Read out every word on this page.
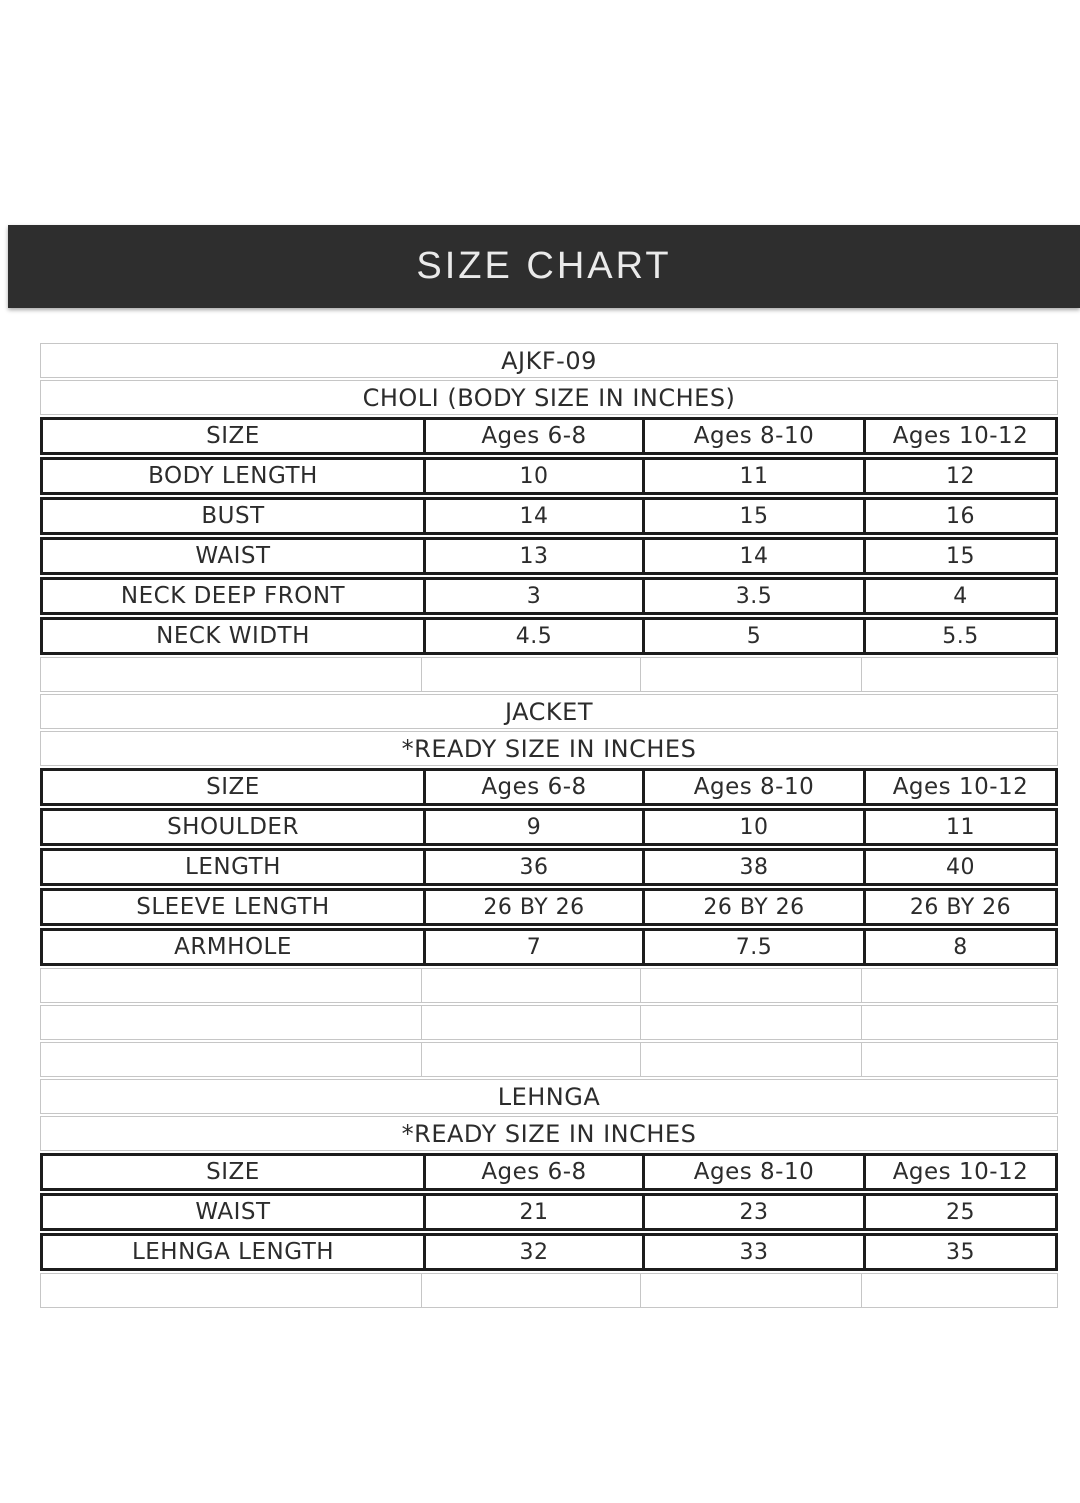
SIZE CHART
AJKF-09
CHOLI (BODY SIZE IN INCHES)
SIZE	Ages 6-8	Ages 8-10	Ages 10-12
BODY LENGTH	10	11	12
BUST	14	15	16
WAIST	13	14	15
NECK DEEP FRONT	3	3.5	4
NECK WIDTH	4.5	5	5.5
JACKET
*READY SIZE IN INCHES
SIZE	Ages 6-8	Ages 8-10	Ages 10-12
SHOULDER	9	10	11
LENGTH	36	38	40
SLEEVE LENGTH	26 BY 26	26 BY 26	26 BY 26
ARMHOLE	7	7.5	8
LEHNGA
*READY SIZE IN INCHES
SIZE	Ages 6-8	Ages 8-10	Ages 10-12
WAIST	21	23	25
LEHNGA LENGTH	32	33	35
